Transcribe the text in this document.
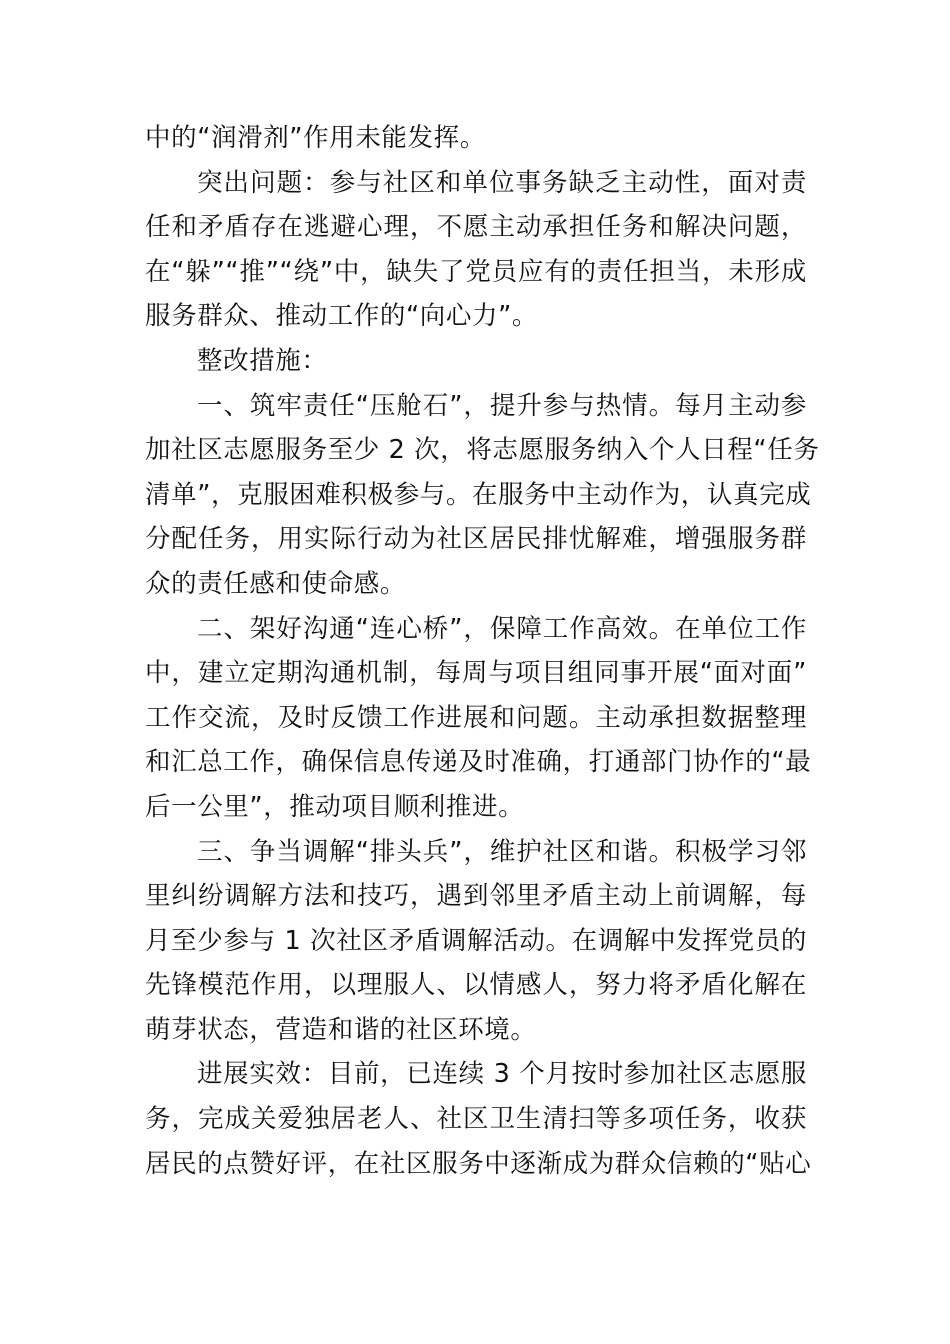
中的“润滑剂”作用未能发挥。
突出问题：参与社区和单位事务缺乏主动性，面对责
任和矛盾存在逃避心理，不愿主动承担任务和解决问题，
在“躲”“推”“绕”中，缺失了党员应有的责任担当，未形成
服务群众、推动工作的“向心力”。
整改措施：
一、筑牢责任“压舱石”，提升参与热情。每月主动参
加社区志愿服务至少 2 次，将志愿服务纳入个人日程“任务
清单”，克服困难积极参与。在服务中主动作为，认真完成
分配任务，用实际行动为社区居民排忧解难，增强服务群
众的责任感和使命感。
二、架好沟通“连心桥”，保障工作高效。在单位工作
中，建立定期沟通机制，每周与项目组同事开展“面对面”
工作交流，及时反馈工作进展和问题。主动承担数据整理
和汇总工作，确保信息传递及时准确，打通部门协作的“最
后一公里”，推动项目顺利推进。
三、争当调解“排头兵”，维护社区和谐。积极学习邻
里纠纷调解方法和技巧，遇到邻里矛盾主动上前调解，每
月至少参与 1 次社区矛盾调解活动。在调解中发挥党员的
先锋模范作用，以理服人、以情感人，努力将矛盾化解在
萌芽状态，营造和谐的社区环境。
进展实效：目前，已连续 3 个月按时参加社区志愿服
务，完成关爱独居老人、社区卫生清扫等多项任务，收获
居民的点赞好评，在社区服务中逐渐成为群众信赖的“贴心
